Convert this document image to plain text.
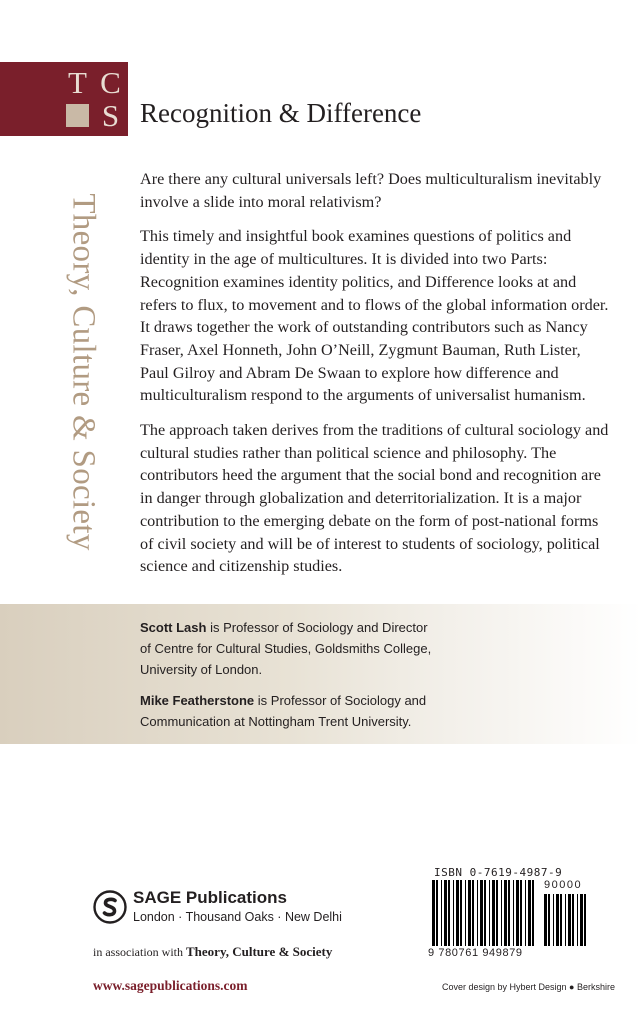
T C
S Recognition & Difference
Theory, Culture & Society

Are there any cultural universals left? Does multiculturalism inevitably involve a slide into moral relativism?

This timely and insightful book examines questions of politics and identity in the age of multicultures. It is divided into two Parts: Recognition examines identity politics, and Difference looks at and refers to flux, to movement and to flows of the global information order. It draws together the work of outstanding contributors such as Nancy Fraser, Axel Honneth, John O’Neill, Zygmunt Bauman, Ruth Lister, Paul Gilroy and Abram De Swaan to explore how difference and multiculturalism respond to the arguments of universalist humanism.

The approach taken derives from the traditions of cultural sociology and cultural studies rather than political science and philosophy. The contributors heed the argument that the social bond and recognition are in danger through globalization and deterritorialization. It is a major contribution to the emerging debate on the form of post-national forms of civil society and will be of interest to students of sociology, political science and citizenship studies.

Scott Lash is Professor of Sociology and Director of Centre for Cultural Studies, Goldsmiths College, University of London.

Mike Featherstone is Professor of Sociology and Communication at Nottingham Trent University.

SAGE Publications
London · Thousand Oaks · New Delhi
in association with Theory, Culture & Society
www.sagepublications.com
ISBN 0-7619-4987-9
90000
9 780761 949879
Cover design by Hybert Design ● Berkshire
